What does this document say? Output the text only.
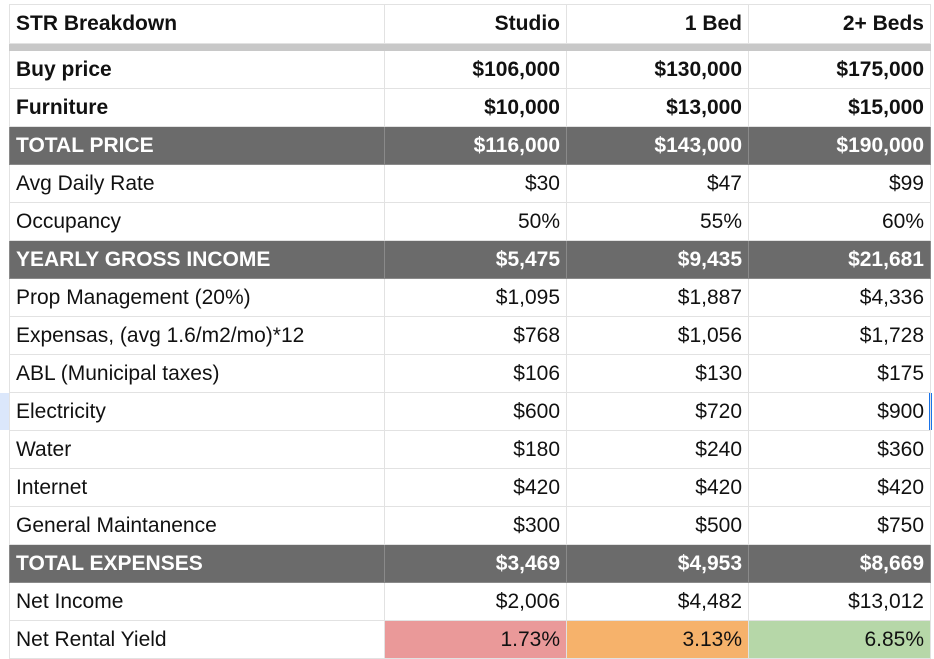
STR Breakdown	Studio	1 Bed	2+ Beds

Buy price	$106,000	$130,000	$175,000
Furniture	$10,000	$13,000	$15,000
TOTAL PRICE	$116,000	$143,000	$190,000
Avg Daily Rate	$30	$47	$99
Occupancy	50%	55%	60%
YEARLY GROSS INCOME	$5,475	$9,435	$21,681
Prop Management (20%)	$1,095	$1,887	$4,336
Expensas, (avg 1.6/m2/mo)*12	$768	$1,056	$1,728
ABL (Municipal taxes)	$106	$130	$175
Electricity	$600	$720	$900
Water	$180	$240	$360
Internet	$420	$420	$420
General Maintanence	$300	$500	$750
TOTAL EXPENSES	$3,469	$4,953	$8,669
Net Income	$2,006	$4,482	$13,012
Net Rental Yield	1.73%	3.13%	6.85%
